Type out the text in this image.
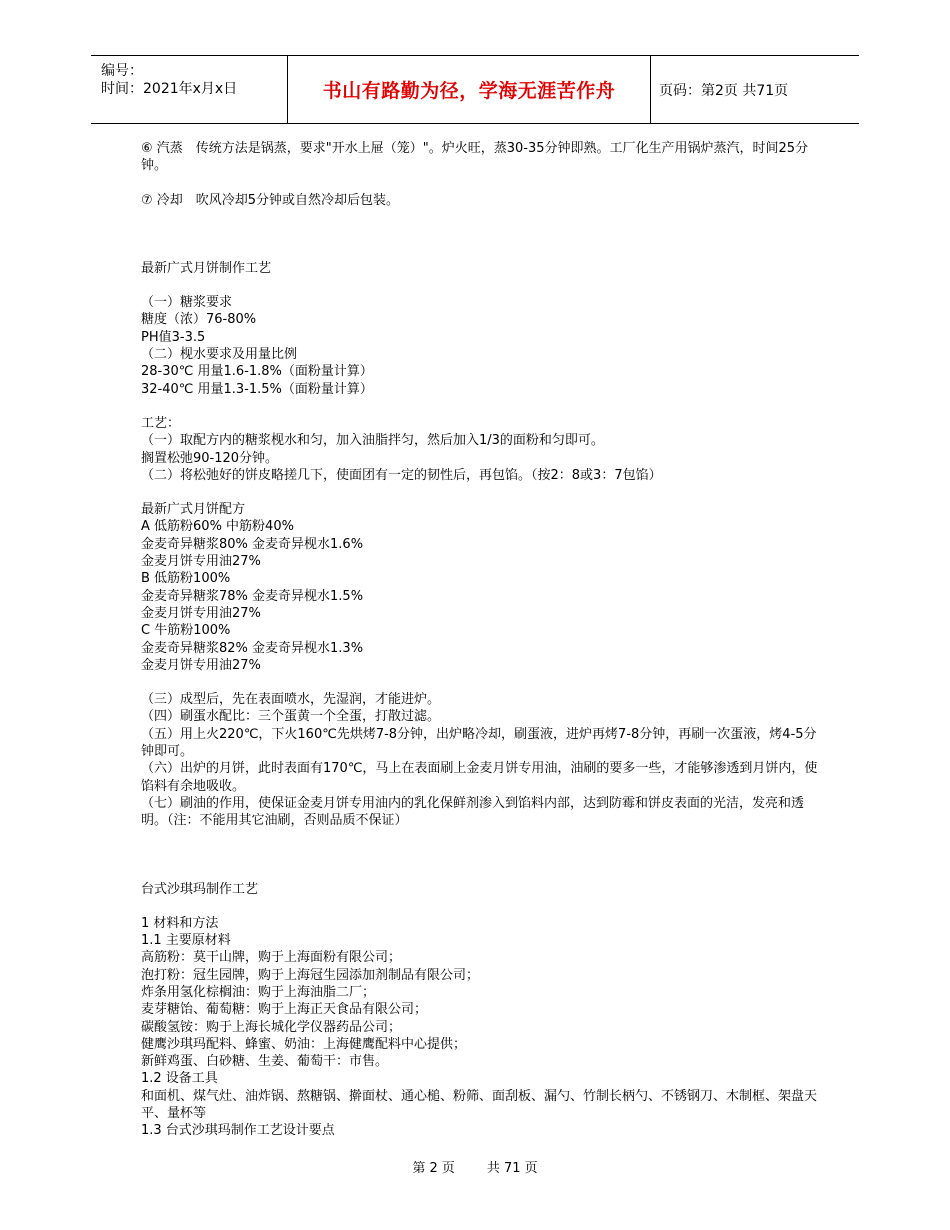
编号：
时间：2021年x月x日	书山有路勤为径，学海无涯苦作舟	页码：第2页 共71页

⑥ 汽蒸　传统方法是锅蒸，要求"开水上屉（笼）"。炉火旺，蒸30-35分钟即熟。工厂化生产用锅炉蒸汽，时间25分钟。

⑦ 冷却　吹风冷却5分钟或自然冷却后包装。

最新广式月饼制作工艺

（一）糖浆要求

糖度（浓）76-80%

PH值3-3.5

（二）枧水要求及用量比例

28-30℃ 用量1.6-1.8%（面粉量计算）

32-40℃ 用量1.3-1.5%（面粉量计算）

工艺：

（一）取配方内的糖浆枧水和匀，加入油脂拌匀，然后加入1/3的面粉和匀即可。

搁置松弛90-120分钟。

（二）将松弛好的饼皮略搓几下，使面团有一定的韧性后，再包馅。（按2：8或3：7包馅）

最新广式月饼配方

A 低筋粉60% 中筋粉40%

金麦奇异糖浆80% 金麦奇异枧水1.6%

金麦月饼专用油27%

B 低筋粉100%

金麦奇异糖浆78% 金麦奇异枧水1.5%

金麦月饼专用油27%

C 牛筋粉100%

金麦奇异糖浆82% 金麦奇异枧水1.3%

金麦月饼专用油27%

（三）成型后，先在表面喷水，先湿润，才能进炉。

（四）刷蛋水配比：三个蛋黄一个全蛋，打散过滤。

（五）用上火220℃，下火160℃先烘烤7-8分钟，出炉略冷却，刷蛋液，进炉再烤7-8分钟，再刷一次蛋液，烤4-5分钟即可。

（六）出炉的月饼，此时表面有170℃，马上在表面刷上金麦月饼专用油，油刷的要多一些，才能够渗透到月饼内，使馅料有余地吸收。

（七）刷油的作用，使保证金麦月饼专用油内的乳化保鲜剂渗入到馅料内部，达到防霉和饼皮表面的光洁，发亮和透明。（注：不能用其它油刷，否则品质不保证）

台式沙琪玛制作工艺

1 材料和方法

1.1 主要原材料

高筋粉：莫干山牌，购于上海面粉有限公司；

泡打粉：冠生园牌，购于上海冠生园添加剂制品有限公司；

炸条用氢化棕榈油：购于上海油脂二厂；

麦芽糖饴、葡萄糖：购于上海正天食品有限公司；

碳酸氢铵：购于上海长城化学仪器药品公司；

健鹰沙琪玛配料、蜂蜜、奶油：上海健鹰配料中心提供；

新鲜鸡蛋、白砂糖、生姜、葡萄干：市售。

1.2 设备工具

和面机、煤气灶、油炸锅、熬糖锅、擀面杖、通心槌、粉筛、面刮板、漏勺、竹制长柄勺、不锈钢刀、木制框、架盘天平、量杯等

1.3 台式沙琪玛制作工艺设计要点

第 2 页 共 71 页
